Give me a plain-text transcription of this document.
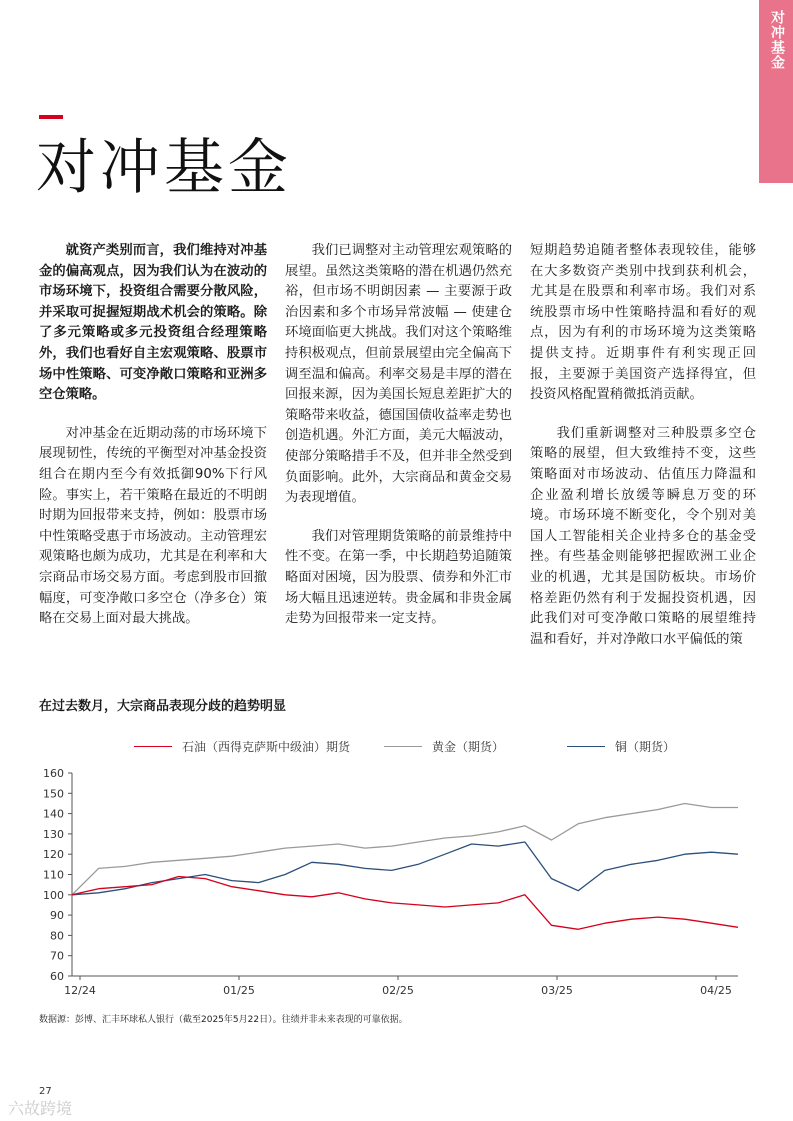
对冲基金
对冲基金

就资产类别而言，我们维持对冲基金的偏高观点，因为我们认为在波动的市场环境下，投资组合需要分散风险，并采取可捉握短期战术机会的策略。除了多元策略或多元投资组合经理策略外，我们也看好自主宏观策略、股票市场中性策略、可变净敞口策略和亚洲多空仓策略。

对冲基金在近期动荡的市场环境下展现韧性，传统的平衡型对冲基金投资组合在期内至今有效抵御90%下行风险。事实上，若干策略在最近的不明朗时期为回报带来支持，例如：股票市场中性策略受惠于市场波动。主动管理宏观策略也颇为成功，尤其是在利率和大宗商品市场交易方面。考虑到股市回撤幅度，可变净敞口多空仓（净多仓）策略在交易上面对最大挑战。

我们已调整对主动管理宏观策略的展望。虽然这类策略的潜在机遇仍然充裕，但市场不明朗因素 — 主要源于政治因素和多个市场异常波幅 — 使建仓环境面临更大挑战。我们对这个策略维持积极观点，但前景展望由完全偏高下调至温和偏高。利率交易是丰厚的潜在回报来源，因为美国长短息差距扩大的策略带来收益，德国国债收益率走势也创造机遇。外汇方面，美元大幅波动，使部分策略措手不及，但并非全然受到负面影响。此外，大宗商品和黄金交易为表现增值。

我们对管理期货策略的前景维持中性不变。在第一季，中长期趋势追随策略面对困境，因为股票、债券和外汇市场大幅且迅速逆转。贵金属和非贵金属走势为回报带来一定支持。

短期趋势追随者整体表现较佳，能够在大多数资产类别中找到获利机会，尤其是在股票和利率市场。我们对系统股票市场中性策略持温和看好的观点，因为有利的市场环境为这类策略提供支持。近期事件有利实现正回报，主要源于美国资产选择得宜，但投资风格配置稍微抵消贡献。

我们重新调整对三种股票多空仓策略的展望，但大致维持不变，这些策略面对市场波动、估值压力降温和企业盈利增长放缓等瞬息万变的环境。市场环境不断变化，令个别对美国人工智能相关企业持多仓的基金受挫。有些基金则能够把握欧洲工业企业的机遇，尤其是国防板块。市场价格差距仍然有利于发掘投资机遇，因此我们对可变净敞口策略的展望维持温和看好，并对净敞口水平偏低的策

在过去数月，大宗商品表现分歧的趋势明显
石油（西得克萨斯中级油）期货	黄金（期货）	铜（期货）
60
70
80
90
100
110
120
130
140
150
160
12/24	01/25	02/25	03/25	04/25
数据源：彭博、汇丰环球私人银行（截至2025年5月22日）。往绩并非未来表现的可靠依据。
27
六故跨境
